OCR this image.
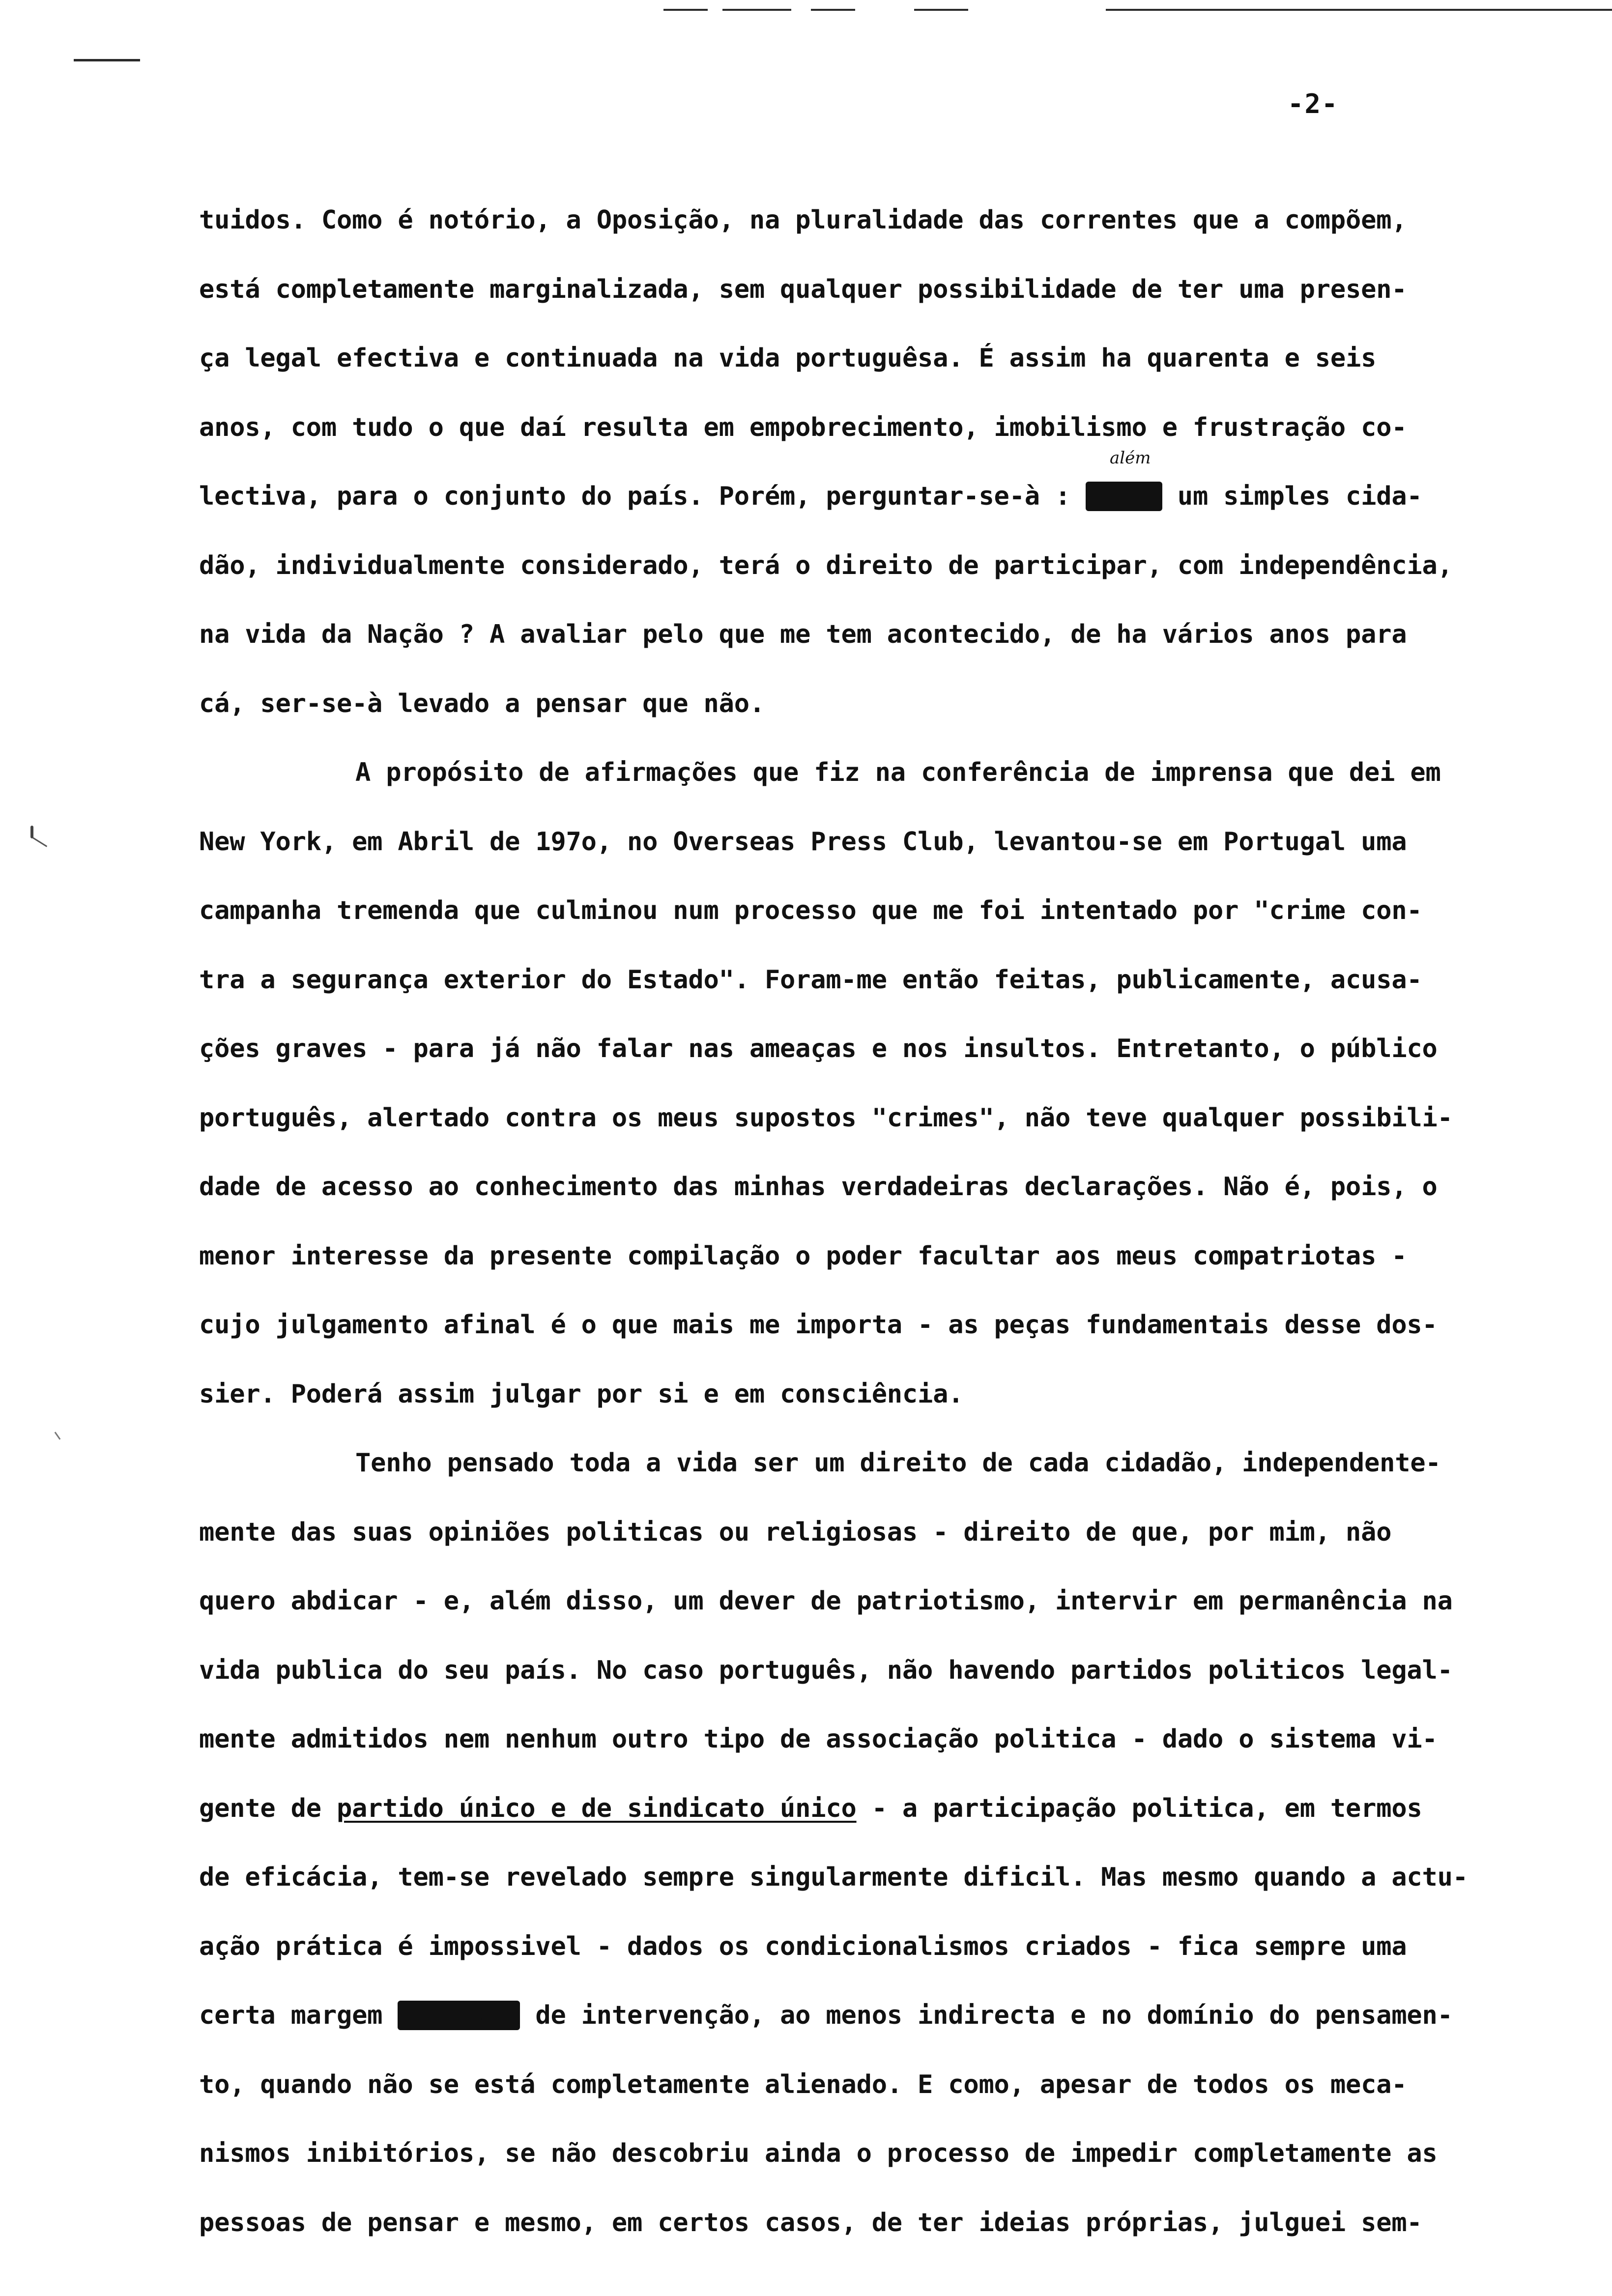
-2-
além
tuidos. Como é notório, a Oposição, na pluralidade das correntes que a compõem,
está completamente marginalizada, sem qualquer possibilidade de ter uma presen-
ça legal efectiva e continuada na vida portuguêsa. É assim ha quarenta e seis
anos, com tudo o que daí resulta em empobrecimento, imobilismo e frustração co-
lectiva, para o conjunto do país. Porém, perguntar-se-à : mesmo um simples cida-
dão, individualmente considerado, terá o direito de participar, com independência,
na vida da Nação ? A avaliar pelo que me tem acontecido, de ha vários anos para
cá, ser-se-à levado a pensar que não.
A propósito de afirmações que fiz na conferência de imprensa que dei em
New York, em Abril de 197o, no Overseas Press Club, levantou-se em Portugal uma
campanha tremenda que culminou num processo que me foi intentado por "crime con-
tra a segurança exterior do Estado". Foram-me então feitas, publicamente, acusa-
ções graves - para já não falar nas ameaças e nos insultos. Entretanto, o público
português, alertado contra os meus supostos "crimes", não teve qualquer possibili-
dade de acesso ao conhecimento das minhas verdadeiras declarações. Não é, pois, o
menor interesse da presente compilação o poder facultar aos meus compatriotas -
cujo julgamento afinal é o que mais me importa - as peças fundamentais desse dos-
sier. Poderá assim julgar por si e em consciência.
Tenho pensado toda a vida ser um direito de cada cidadão, independente-
mente das suas opiniões politicas ou religiosas - direito de que, por mim, não
quero abdicar - e, além disso, um dever de patriotismo, intervir em permanência na
vida publica do seu país. No caso português, não havendo partidos politicos legal-
mente admitidos nem nenhum outro tipo de associação politica - dado o sistema vi-
gente de partido único e de sindicato único - a participação politica, em termos
de eficácia, tem-se revelado sempre singularmente dificil. Mas mesmo quando a actu-
ação prática é impossivel - dados os condicionalismos criados - fica sempre uma
certa margem possível de intervenção, ao menos indirecta e no domínio do pensamen-
to, quando não se está completamente alienado. E como, apesar de todos os meca-
nismos inibitórios, se não descobriu ainda o processo de impedir completamente as
pessoas de pensar e mesmo, em certos casos, de ter ideias próprias, julguei sem-
